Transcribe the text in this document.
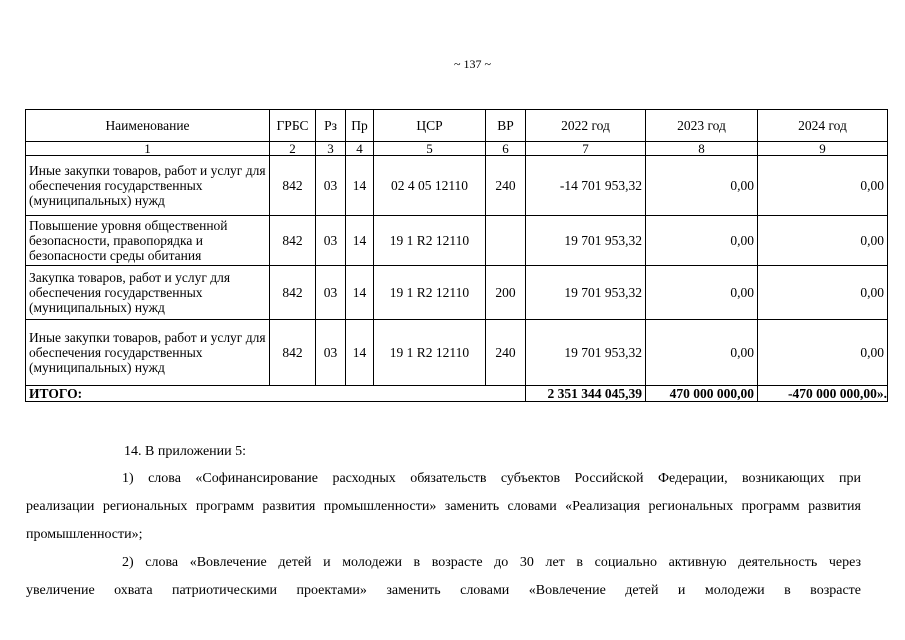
~ 137 ~
Наименование	ГРБС	Рз	Пр	ЦСР	ВР	2022 год	2023 год	2024 год
1	2	3	4	5	6	7	8	9
Иные закупки товаров, работ и услуг для обеспечения государственных (муниципальных) нужд	842	03	14	02 4 05 12110	240	-14 701 953,32	0,00	0,00
Повышение уровня общественной безопасности, правопорядка и безопасности среды обитания	842	03	14	19 1 R2 12110		19 701 953,32	0,00	0,00
Закупка товаров, работ и услуг для обеспечения государственных (муниципальных) нужд	842	03	14	19 1 R2 12110	200	19 701 953,32	0,00	0,00
Иные закупки товаров, работ и услуг для обеспечения государственных (муниципальных) нужд	842	03	14	19 1 R2 12110	240	19 701 953,32	0,00	0,00
ИТОГО:						2 351 344 045,39	470 000 000,00	-470 000 000,00».

14. В приложении 5:

1) слова «Софинансирование расходных обязательств субъектов Российской Федерации, возникающих при
реализации региональных программ развития промышленности» заменить словами «Реализация региональных программ развития промышленности»;
2) слова «Вовлечение детей и молодежи в возрасте до 30 лет в социально активную деятельность через
увеличение охвата патриотическими проектами» заменить словами «Вовлечение детей и молодежи в возрасте
